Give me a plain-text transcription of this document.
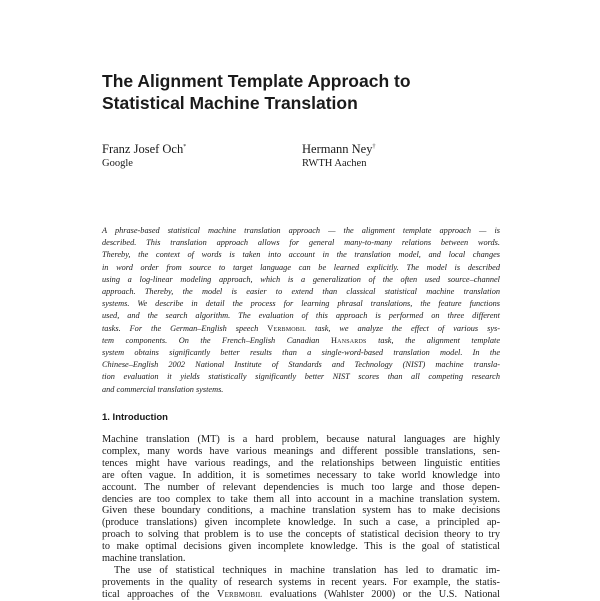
The Alignment Template Approach to
Statistical Machine Translation
Franz Josef Och*
Google
Hermann Ney†
RWTH Aachen
A phrase-based statistical machine translation approach — the alignment template approach — is
described. This translation approach allows for general many-to-many relations between words.
Thereby, the context of words is taken into account in the translation model, and local changes
in word order from source to target language can be learned explicitly. The model is described
using a log-linear modeling approach, which is a generalization of the often used source–channel
approach. Thereby, the model is easier to extend than classical statistical machine translation
systems. We describe in detail the process for learning phrasal translations, the feature functions
used, and the search algorithm. The evaluation of this approach is performed on three different
tasks. For the German–English speech Verbmobil task, we analyze the effect of various sys-
tem components. On the French–English Canadian Hansards task, the alignment template
system obtains significantly better results than a single-word-based translation model. In the
Chinese–English 2002 National Institute of Standards and Technology (NIST) machine transla-
tion evaluation it yields statistically significantly better NIST scores than all competing research
and commercial translation systems.
1. Introduction
Machine translation (MT) is a hard problem, because natural languages are highly
complex, many words have various meanings and different possible translations, sen-
tences might have various readings, and the relationships between linguistic entities
are often vague. In addition, it is sometimes necessary to take world knowledge into
account. The number of relevant dependencies is much too large and those depen-
dencies are too complex to take them all into account in a machine translation system.
Given these boundary conditions, a machine translation system has to make decisions
(produce translations) given incomplete knowledge. In such a case, a principled ap-
proach to solving that problem is to use the concepts of statistical decision theory to try
to make optimal decisions given incomplete knowledge. This is the goal of statistical
machine translation.
The use of statistical techniques in machine translation has led to dramatic im-
provements in the quality of research systems in recent years. For example, the statis-
tical approaches of the Verbmobil evaluations (Wahlster 2000) or the U.S. National
